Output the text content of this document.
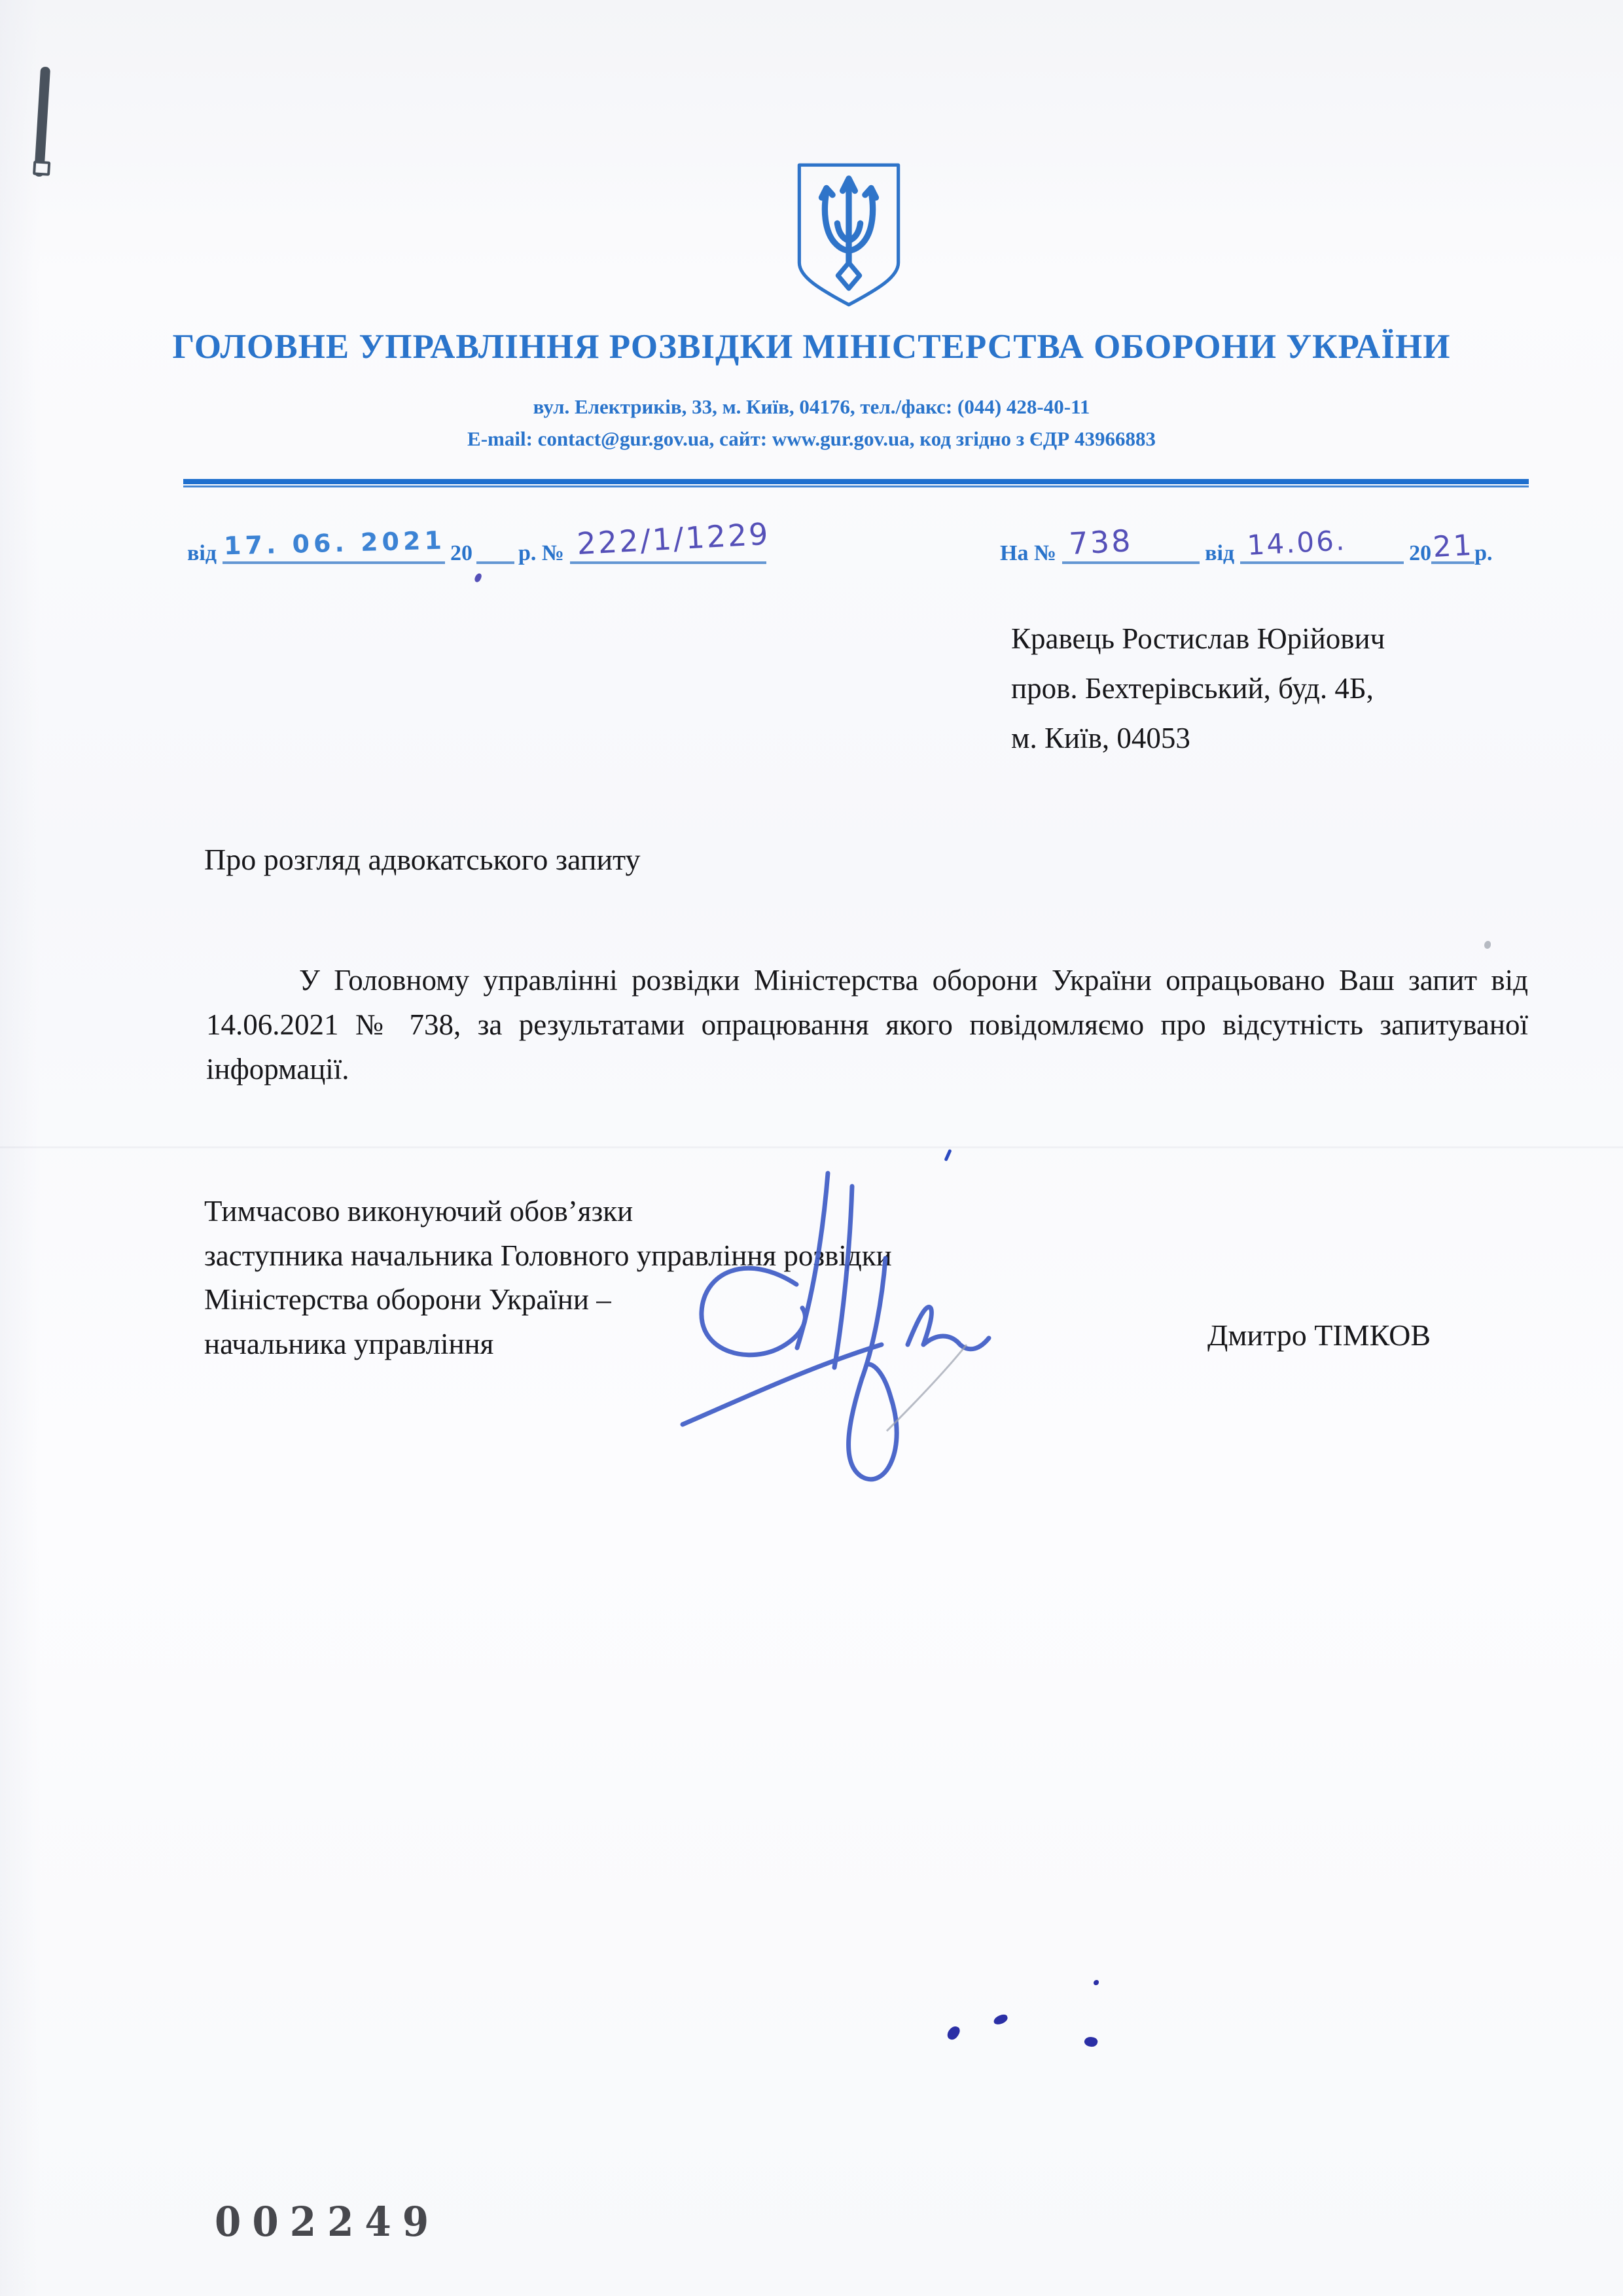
ГОЛОВНЕ УПРАВЛІННЯ РОЗВІДКИ МІНІСТЕРСТВА ОБОРОНИ УКРАЇНИ
вул. Електриків, 33, м. Київ, 04176, тел./факс: (044) 428-40-11
E-mail: contact@gur.gov.ua, сайт: www.gur.gov.ua, код згідно з ЄДР 43966883
від 17. 06. 2021 20 р. № 222/1/1229	На № 738	від 14.06.	20 21 р.
Кравець Ростислав Юрійович
пров. Бехтерівський, буд. 4Б,
м. Київ, 04053
Про розгляд адвокатського запиту
У Головному управлінні розвідки Міністерства оборони України опрацьовано Ваш запит від 14.06.2021 № 738, за результатами опрацювання якого повідомляємо про відсутність запитуваної інформації.
Тимчасово виконуючий обов’язки
заступника начальника Головного управління розвідки
Міністерства оборони України –
начальника управління	Дмитро ТІМКОВ
002249
